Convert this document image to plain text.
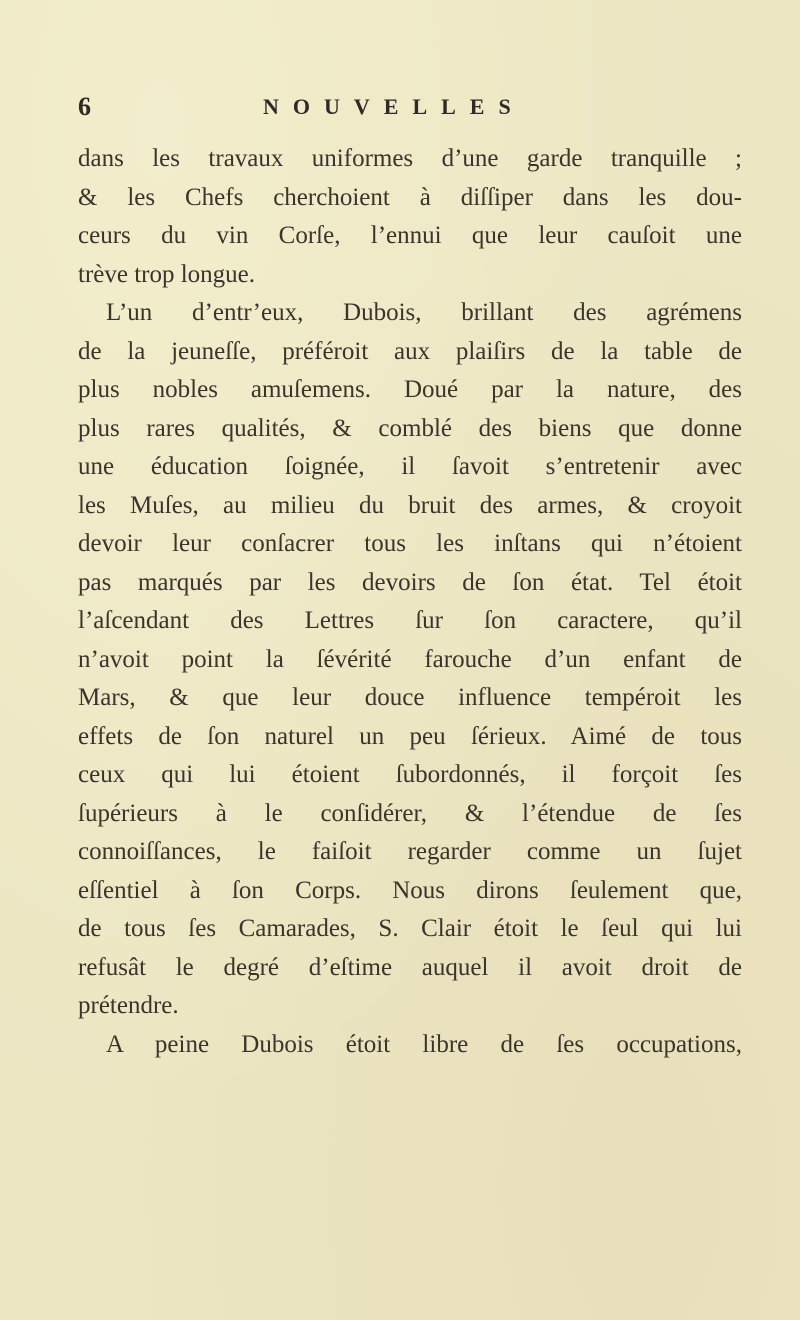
6	NOUVELLES
dans les travaux uniformes d’une garde tranquille ;
& les Chefs cherchoient à diſſiper dans les dou-
ceurs du vin Corſe, l’ennui que leur cauſoit une
trève trop longue.
L’un d’entr’eux, Dubois, brillant des agrémens
de la jeuneſſe, préféroit aux plaiſirs de la table de
plus nobles amuſemens. Doué par la nature, des
plus rares qualités, & comblé des biens que donne
une éducation ſoignée, il ſavoit s’entretenir avec
les Muſes, au milieu du bruit des armes, & croyoit
devoir leur conſacrer tous les inſtans qui n’étoient
pas marqués par les devoirs de ſon état. Tel étoit
l’aſcendant des Lettres ſur ſon caractere, qu’il
n’avoit point la ſévérité farouche d’un enfant de
Mars, & que leur douce influence tempéroit les
effets de ſon naturel un peu ſérieux. Aimé de tous
ceux qui lui étoient ſubordonnés, il forçoit ſes
ſupérieurs à le conſidérer, & l’étendue de ſes
connoiſſances, le faiſoit regarder comme un ſujet
eſſentiel à ſon Corps. Nous dirons ſeulement que,
de tous ſes Camarades, S. Clair étoit le ſeul qui lui
refusât le degré d’eſtime auquel il avoit droit de
prétendre.
A peine Dubois étoit libre de ſes occupations,
